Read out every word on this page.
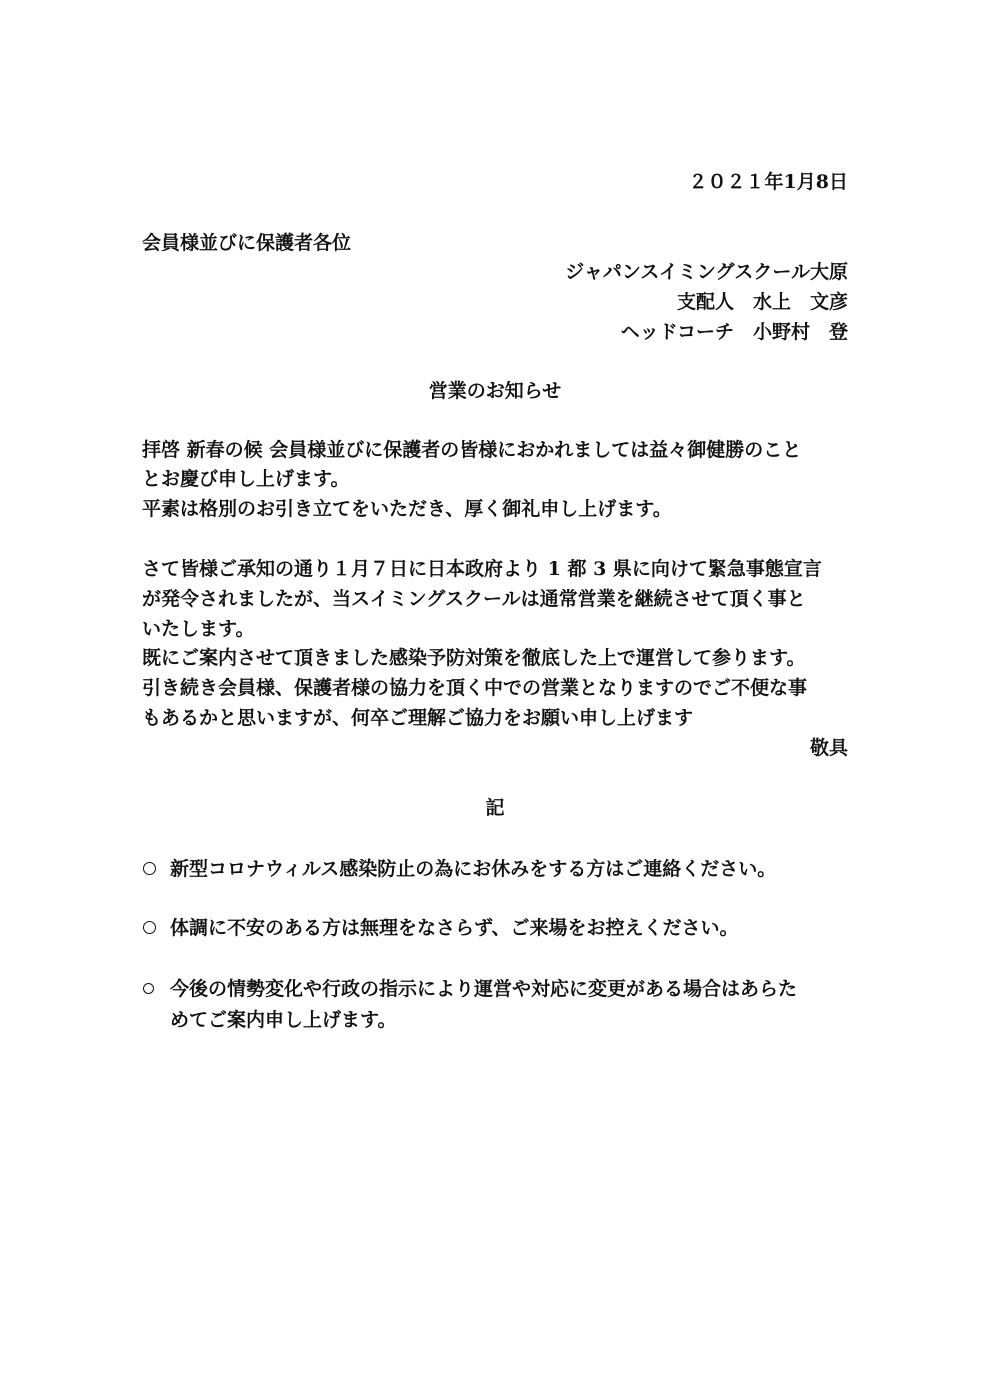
２０２１年1月8日
会員様並びに保護者各位
ジャパンスイミングスクール大原
支配人　水上　文彦
ヘッドコーチ　小野村　登
営業のお知らせ
拝啓 新春の候 会員様並びに保護者の皆様におかれましては益々御健勝のこと
とお慶び申し上げます。
平素は格別のお引き立てをいただき、厚く御礼申し上げます。
さて皆様ご承知の通り１月７日に日本政府より 1 都 3 県に向けて緊急事態宣言
が発令されましたが、当スイミングスクールは通常営業を継続させて頂く事と
いたします。
既にご案内させて頂きました感染予防対策を徹底した上で運営して参ります。
引き続き会員様、保護者様の協力を頂く中での営業となりますのでご不便な事
もあるかと思いますが、何卒ご理解ご協力をお願い申し上げます
敬具
記
新型コロナウィルス感染防止の為にお休みをする方はご連絡ください。
体調に不安のある方は無理をなさらず、ご来場をお控えください。
今後の情勢変化や行政の指示により運営や対応に変更がある場合はあらた
めてご案内申し上げます。
